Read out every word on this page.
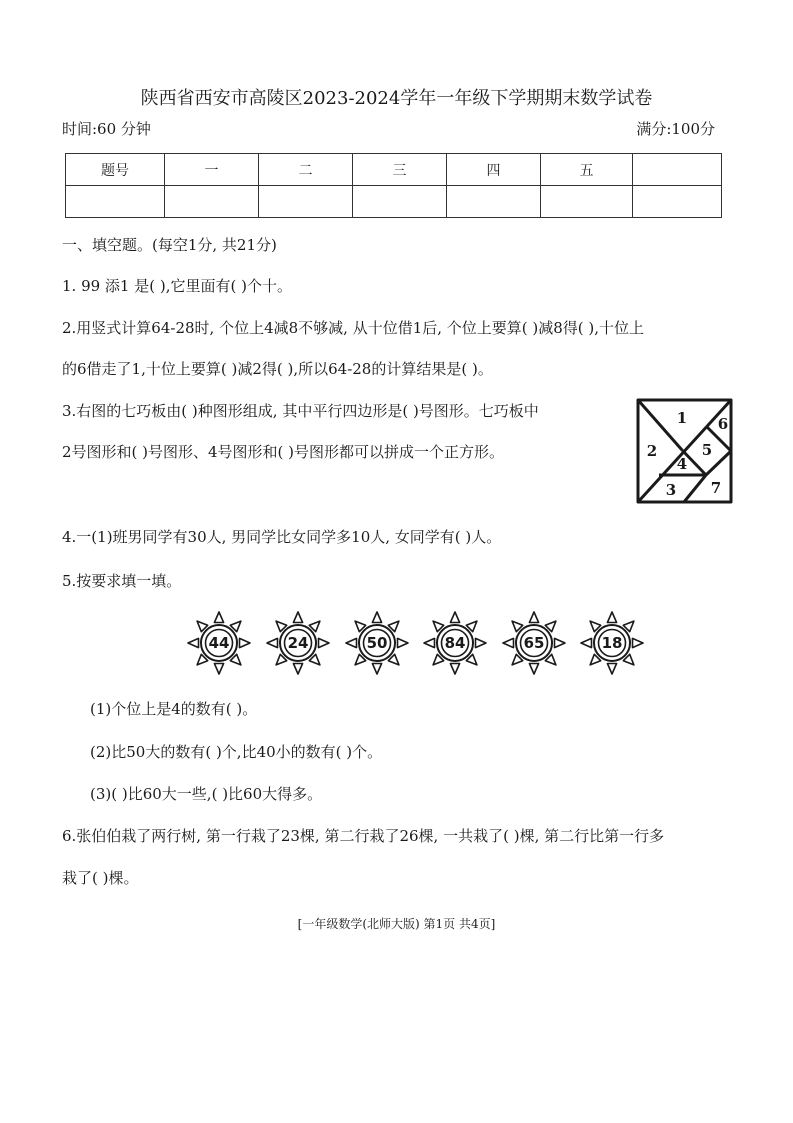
陕西省西安市高陵区2023-2024学年一年级下学期期末数学试卷
时间:60 分钟	满分:100分
题号	一	二	三	四	五	

一、填空题。(每空1分, 共21分)
1. 99 添1 是( ),它里面有( )个十。
2.用竖式计算64-28时, 个位上4减8不够减, 从十位借1后, 个位上要算( )减8得( ),十位上
的6借走了1,十位上要算( )减2得( ),所以64-28的计算结果是( )。
3.右图的七巧板由( )种图形组成, 其中平行四边形是( )号图形。七巧板中
2号图形和( )号图形、4号图形和( )号图形都可以拼成一个正方形。
1
2
3
4
5
6
7
4.一(1)班男同学有30人, 男同学比女同学多10人, 女同学有( )人。
5.按要求填一填。
44	24	50	84	65	18
(1)个位上是4的数有( )。
(2)比50大的数有( )个,比40小的数有( )个。
(3)( )比60大一些,( )比60大得多。
6.张伯伯栽了两行树, 第一行栽了23棵, 第二行栽了26棵, 一共栽了( )棵, 第二行比第一行多
栽了( )棵。
[一年级数学(北师大版) 第1页 共4页]
